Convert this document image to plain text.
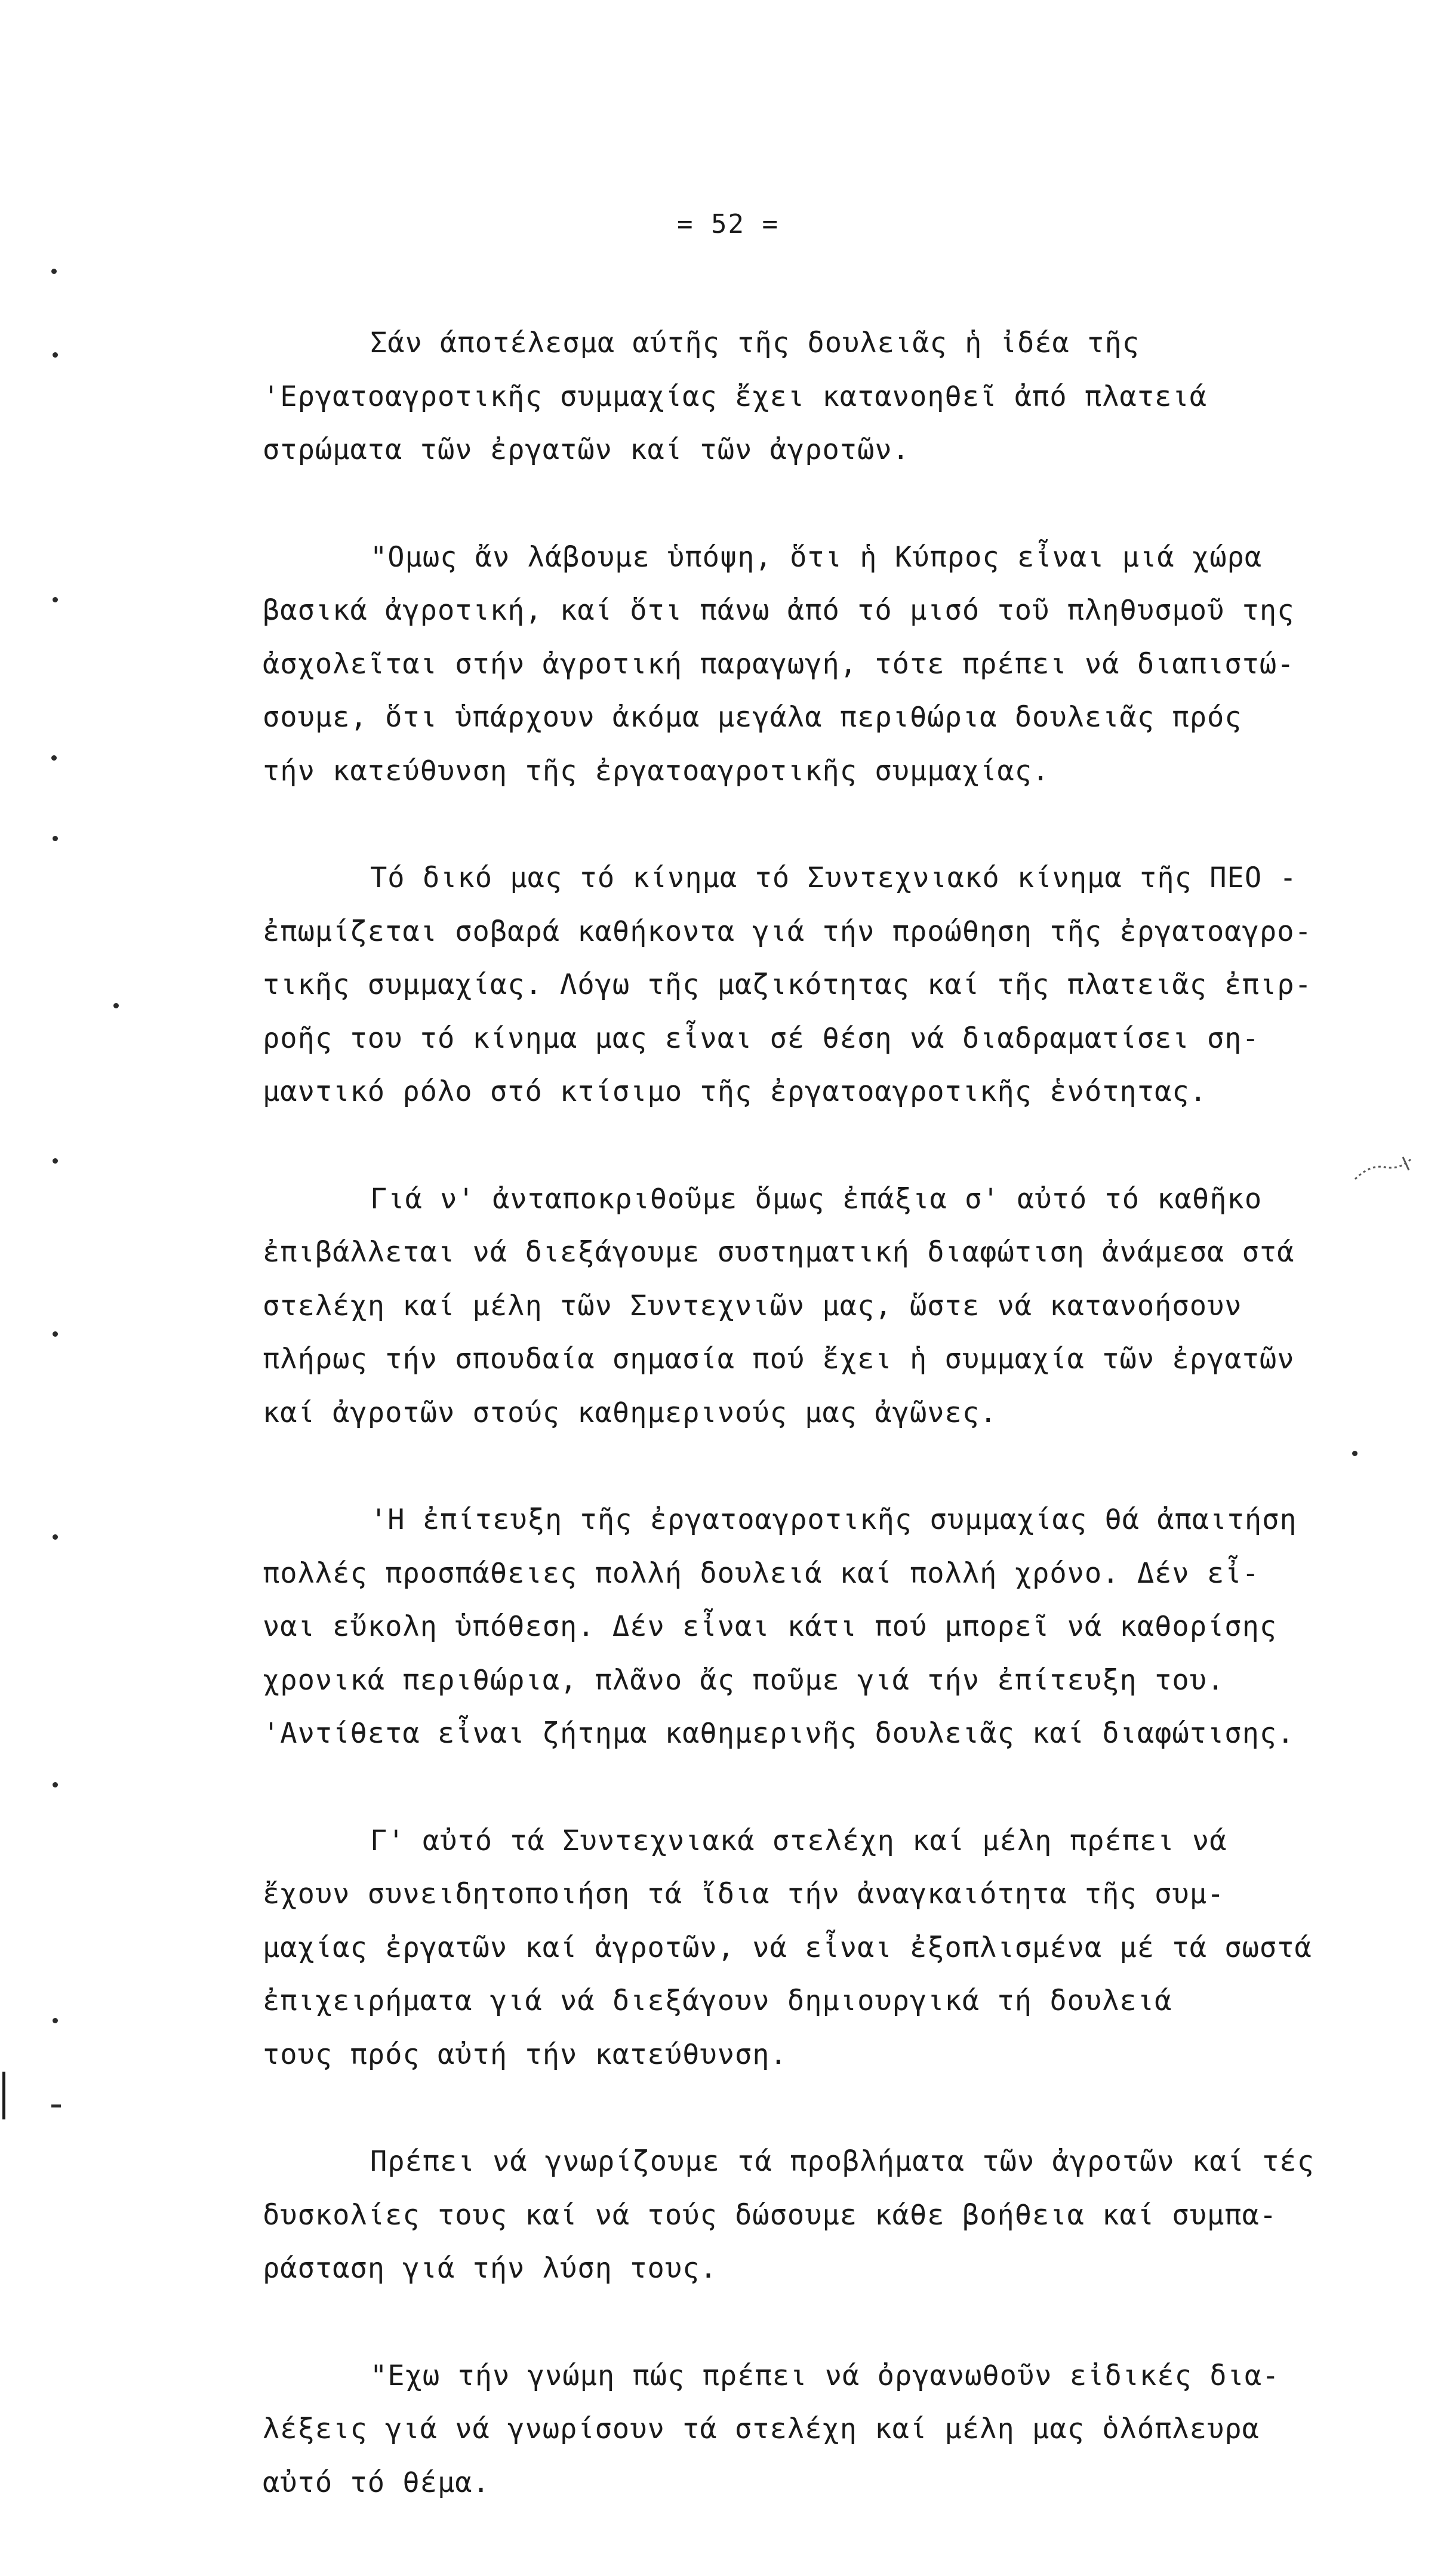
= 52 =
Σάν άποτέλεσμα αύτῆς τῆς δουλειᾶς ἡ ἰδέα τῆς
'Εργατοαγροτικῆς συμμαχίας ἔχει κατανοηθεῖ ἀπό πλατειά
στρώματα τῶν ἐργατῶν καί τῶν ἀγροτῶν.
"Ομως ἄν λάβουμε ὑπόψη, ὅτι ἡ Κύπρος εἶναι μιά χώρα
βασικά ἀγροτική, καί ὅτι πάνω ἀπό τό μισό τοῦ πληθυσμοῦ της
ἀσχολεῖται στήν ἀγροτική παραγωγή, τότε πρέπει νά διαπιστώ-
σουμε, ὅτι ὑπάρχουν ἀκόμα μεγάλα περιθώρια δουλειᾶς πρός
τήν κατεύθυνση τῆς ἐργατοαγροτικῆς συμμαχίας.
Τό δικό μας τό κίνημα τό Συντεχνιακό κίνημα τῆς ΠΕΟ -
ἐπωμίζεται σοβαρά καθήκοντα γιά τήν προώθηση τῆς ἐργατοαγρο-
τικῆς συμμαχίας. Λόγω τῆς μαζικότητας καί τῆς πλατειᾶς ἐπιρ-
ροῆς του τό κίνημα μας εἶναι σέ θέση νά διαδραματίσει ση-
μαντικό ρόλο στό κτίσιμο τῆς ἐργατοαγροτικῆς ἑνότητας.
Γιά ν' ἀνταποκριθοῦμε ὅμως ἐπάξια σ' αὐτό τό καθῆκο
ἐπιβάλλεται νά διεξάγουμε συστηματική διαφώτιση ἀνάμεσα στά
στελέχη καί μέλη τῶν Συντεχνιῶν μας, ὥστε νά κατανοήσουν
πλήρως τήν σπουδαία σημασία πού ἔχει ἡ συμμαχία τῶν ἐργατῶν
καί ἀγροτῶν στούς καθημερινούς μας ἀγῶνες.
'Η ἐπίτευξη τῆς ἐργατοαγροτικῆς συμμαχίας θά ἀπαιτήση
πολλές προσπάθειες πολλή δουλειά καί πολλή χρόνο. Δέν εἶ-
ναι εὔκολη ὑπόθεση. Δέν εἶναι κάτι πού μπορεῖ νά καθορίσης
χρονικά περιθώρια, πλᾶνο ἄς ποῦμε γιά τήν ἐπίτευξη του.
'Αντίθετα εἶναι ζήτημα καθημερινῆς δουλειᾶς καί διαφώτισης.
Γ' αὐτό τά Συντεχνιακά στελέχη καί μέλη πρέπει νά
ἔχουν συνειδητοποιήση τά ἴδια τήν ἀναγκαιότητα τῆς συμ-
μαχίας ἐργατῶν καί ἀγροτῶν, νά εἶναι ἐξοπλισμένα μέ τά σωστά
ἐπιχειρήματα γιά νά διεξάγουν δημιουργικά τή δουλειά
τους πρός αὐτή τήν κατεύθυνση.
Πρέπει νά γνωρίζουμε τά προβλήματα τῶν ἀγροτῶν καί τές
δυσκολίες τους καί νά τούς δώσουμε κάθε βοήθεια καί συμπα-
ράσταση γιά τήν λύση τους.
"Εχω τήν γνώμη πώς πρέπει νά ὀργανωθοῦν εἰδικές δια-
λέξεις γιά νά γνωρίσουν τά στελέχη καί μέλη μας ὁλόπλευρα
αὐτό τό θέμα.
